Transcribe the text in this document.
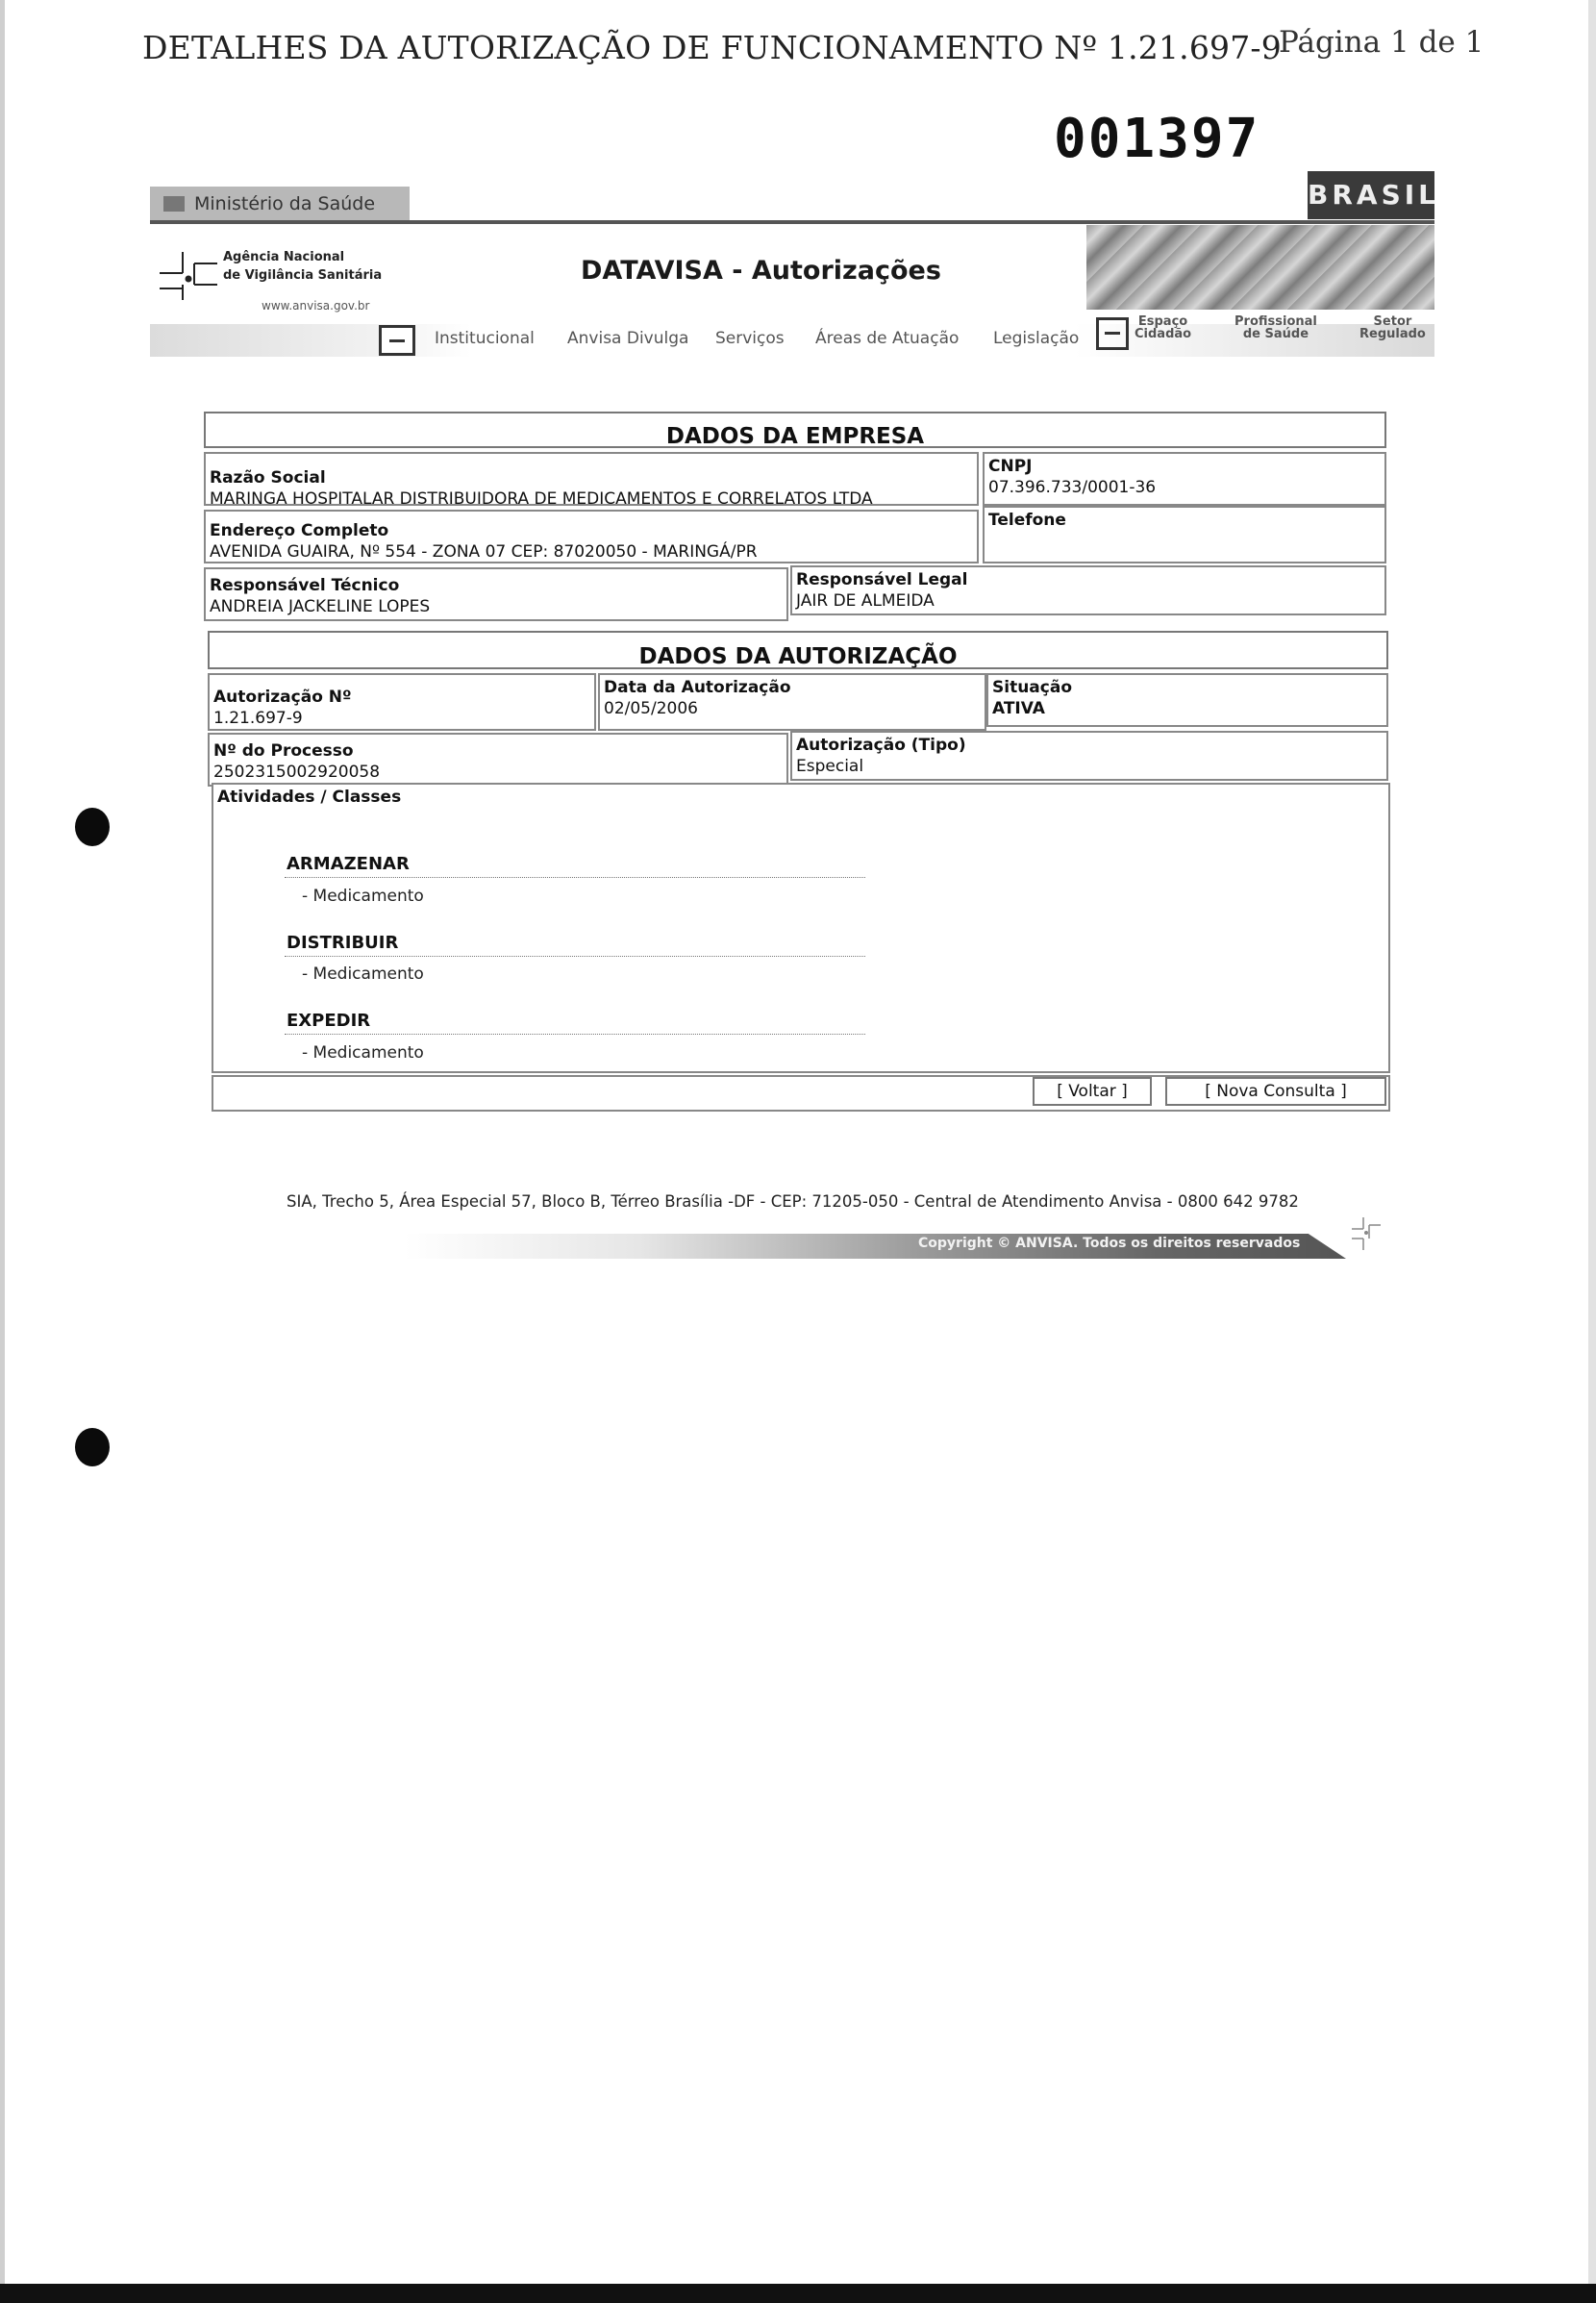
DETALHES DA AUTORIZAÇÃO DE FUNCIONAMENTO Nº 1.21.697-9
Página 1 de 1
001397
Ministério da Saúde	BRASIL
Agência Nacional
de Vigilância Sanitária
www.anvisa.gov.br
DATAVISA - Autorizações
Institucional Anvisa Divulga Serviços Áreas de Atuação Legislação
Espaço
Cidadão
Profissional
de Saúde
Setor
Regulado
DADOS DA EMPRESA
Razão Social
MARINGA HOSPITALAR DISTRIBUIDORA DE MEDICAMENTOS E CORRELATOS LTDA
CNPJ
07.396.733/0001-36
Endereço Completo
AVENIDA GUAIRA, Nº 554 - ZONA 07 CEP: 87020050 - MARINGÁ/PR
Telefone
Responsável Técnico
ANDREIA JACKELINE LOPES
Responsável Legal
JAIR DE ALMEIDA
DADOS DA AUTORIZAÇÃO
Autorização Nº
1.21.697-9
Data da Autorização
02/05/2006
Situação
ATIVA
Nº do Processo
2502315002920058
Autorização (Tipo)
Especial
Atividades / Classes
ARMAZENAR
- Medicamento
DISTRIBUIR
- Medicamento
EXPEDIR
- Medicamento
[ Voltar ]	[ Nova Consulta ]
SIA, Trecho 5, Área Especial 57, Bloco B, Térreo Brasília -DF - CEP: 71205-050 - Central de Atendimento Anvisa - 0800 642 9782
Copyright © ANVISA. Todos os direitos reservados
